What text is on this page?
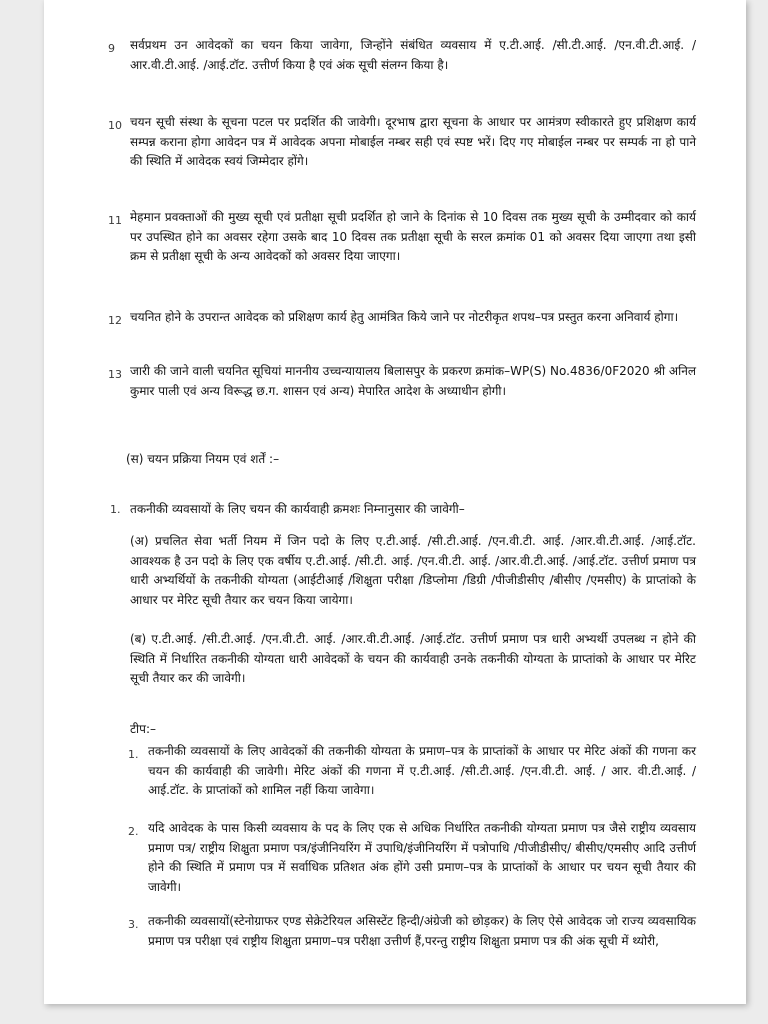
9 सर्वप्रथम उन आवेदकों का चयन किया जावेगा, जिन्होंने संबंधित व्यवसाय में ए.टी.आई. /सी.टी.आई. /एन.वी.टी.आई. /आर.वी.टी.आई. /आई.टॉट. उत्तीर्ण किया है एवं अंक सूची संलग्न किया है।

10 चयन सूची संस्था के सूचना पटल पर प्रदर्शित की जावेगी। दूरभाष द्वारा सूचना के आधार पर आमंत्रण स्वीकारते हुए प्रशिक्षण कार्य सम्पन्न कराना होगा आवेदन पत्र में आवेदक अपना मोबाईल नम्बर सही एवं स्पष्ट भरें। दिए गए मोबाईल नम्बर पर सम्पर्क ना हो पाने की स्थिति में आवेदक स्वयं जिम्मेदार होंगे।

11 मेहमान प्रवक्ताओं की मुख्य सूची एवं प्रतीक्षा सूची प्रदर्शित हो जाने के दिनांक से 10 दिवस तक मुख्य सूची के उम्मीदवार को कार्य पर उपस्थित होने का अवसर रहेगा उसके बाद 10 दिवस तक प्रतीक्षा सूची के सरल क्रमांक 01 को अवसर दिया जाएगा तथा इसी क्रम से प्रतीक्षा सूची के अन्य आवेदकों को अवसर दिया जाएगा।

12 चयनित होने के उपरान्त आवेदक को प्रशिक्षण कार्य हेतु आमंत्रित किये जाने पर नोटरीकृत शपथ–पत्र प्रस्तुत करना अनिवार्य होगा।

13 जारी की जाने वाली चयनित सूचियां माननीय उच्चन्यायालय बिलासपुर के प्रकरण क्रमांक–WP(S) No.4836/0F2020 श्री अनिल कुमार पाली एवं अन्य विरूद्ध छ.ग. शासन एवं अन्य) मेपारित आदेश के अध्याधीन होगी।

(स) चयन प्रक्रिया नियम एवं शर्तें :–

1. तकनीकी व्यवसायों के लिए चयन की कार्यवाही क्रमशः निम्नानुसार की जावेगी–

(अ) प्रचलित सेवा भर्ती नियम में जिन पदो के लिए ए.टी.आई. /सी.टी.आई. /एन.वी.टी. आई. /आर.वी.टी.आई. /आई.टॉट. आवश्यक है उन पदो के लिए एक वर्षीय ए.टी.आई. /सी.टी. आई. /एन.वी.टी. आई. /आर.वी.टी.आई. /आई.टॉट. उत्तीर्ण प्रमाण पत्र धारी अभ्यर्थियों के तकनीकी योग्यता (आईटीआई /शिक्षुता परीक्षा /डिप्लोमा /डिग्री /पीजीडीसीए /बीसीए /एमसीए) के प्राप्तांको के आधार पर मेरिट सूची तैयार कर चयन किया जायेगा।

(ब) ए.टी.आई. /सी.टी.आई. /एन.वी.टी. आई. /आर.वी.टी.आई. /आई.टॉट. उत्तीर्ण प्रमाण पत्र धारी अभ्यर्थी उपलब्ध न होने की स्थिति में निर्धारित तकनीकी योग्यता धारी आवेदकों के चयन की कार्यवाही उनके तकनीकी योग्यता के प्राप्तांको के आधार पर मेरिट सूची तैयार कर की जावेगी।

टीप:–

1. तकनीकी व्यवसायों के लिए आवेदकों की तकनीकी योग्यता के प्रमाण–पत्र के प्राप्तांकों के आधार पर मेरिट अंकों की गणना कर चयन की कार्यवाही की जावेगी। मेरिट अंकों की गणना में ए.टी.आई. /सी.टी.आई. /एन.वी.टी. आई. / आर. वी.टी.आई. /आई.टॉट. के प्राप्तांकों को शामिल नहीं किया जावेगा।

2. यदि आवेदक के पास किसी व्यवसाय के पद के लिए एक से अधिक निर्धारित तकनीकी योग्यता प्रमाण पत्र जैसे राष्ट्रीय व्यवसाय प्रमाण पत्र/ राष्ट्रीय शिक्षुता प्रमाण पत्र/इंजीनियरिंग में उपाधि/इंजीनियरिंग में पत्रोपाधि /पीजीडीसीए/ बीसीए/एमसीए आदि उत्तीर्ण होने की स्थिति में प्रमाण पत्र में सर्वाधिक प्रतिशत अंक होंगे उसी प्रमाण–पत्र के प्राप्तांकों के आधार पर चयन सूची तैयार की जावेगी।

3. तकनीकी व्यवसायों(स्टेनोग्राफर एण्ड सेक्रेटेरियल असिस्टेंट हिन्दी/अंग्रेजी को छोड़कर) के लिए ऐसे आवेदक जो राज्य व्यवसायिक प्रमाण पत्र परीक्षा एवं राष्ट्रीय शिक्षुता प्रमाण–पत्र परीक्षा उत्तीर्ण हैं,परन्तु राष्ट्रीय शिक्षुता प्रमाण पत्र की अंक सूची में थ्योरी,
